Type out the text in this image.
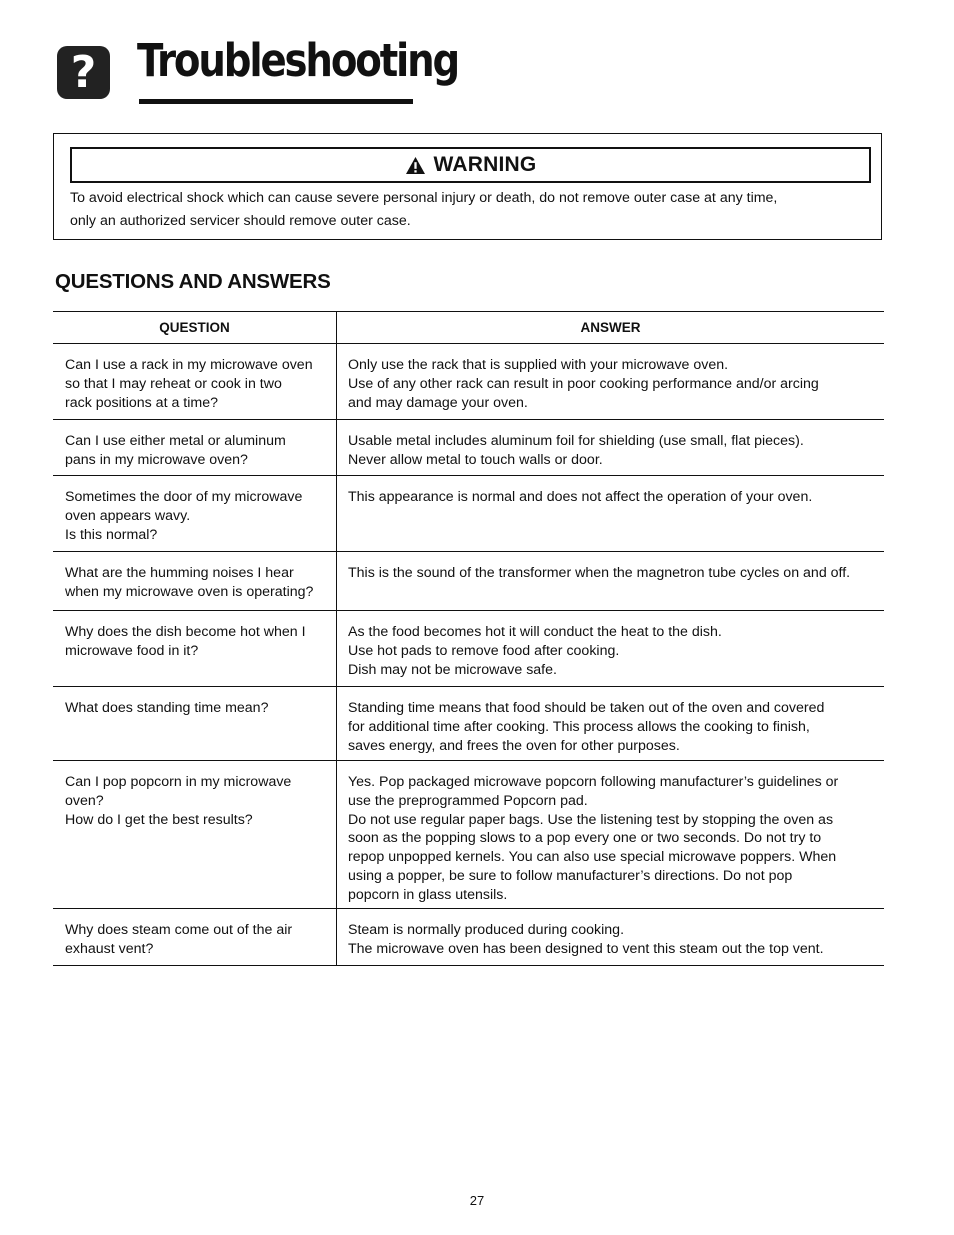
? Troubleshooting
WARNING
To avoid electrical shock which can cause severe personal injury or death, do not remove outer case at any time,
only an authorized servicer should remove outer case.
QUESTIONS AND ANSWERS
QUESTION	ANSWER
Can I use a rack in my microwave oven
so that I may reheat or cook in two
rack positions at a time?
Only use the rack that is supplied with your microwave oven.
Use of any other rack can result in poor cooking performance and/or arcing
and may damage your oven.
Can I use either metal or aluminum
pans in my microwave oven?
Usable metal includes aluminum foil for shielding (use small, flat pieces).
Never allow metal to touch walls or door.
Sometimes the door of my microwave
oven appears wavy.
Is this normal?
This appearance is normal and does not affect the operation of your oven.
What are the humming noises I hear
when my microwave oven is operating?
This is the sound of the transformer when the magnetron tube cycles on and off.
Why does the dish become hot when I
microwave food in it?
As the food becomes hot it will conduct the heat to the dish.
Use hot pads to remove food after cooking.
Dish may not be microwave safe.
What does standing time mean?	Standing time means that food should be taken out of the oven and covered
for additional time after cooking. This process allows the cooking to finish,
saves energy, and frees the oven for other purposes.
Can I pop popcorn in my microwave
oven?
How do I get the best results?
Yes. Pop packaged microwave popcorn following manufacturer’s guidelines or
use the preprogrammed Popcorn pad.
Do not use regular paper bags. Use the listening test by stopping the oven as
soon as the popping slows to a pop every one or two seconds. Do not try to
repop unpopped kernels. You can also use special microwave poppers. When
using a popper, be sure to follow manufacturer’s directions. Do not pop
popcorn in glass utensils.
Why does steam come out of the air
exhaust vent?
Steam is normally produced during cooking.
The microwave oven has been designed to vent this steam out the top vent.
27
